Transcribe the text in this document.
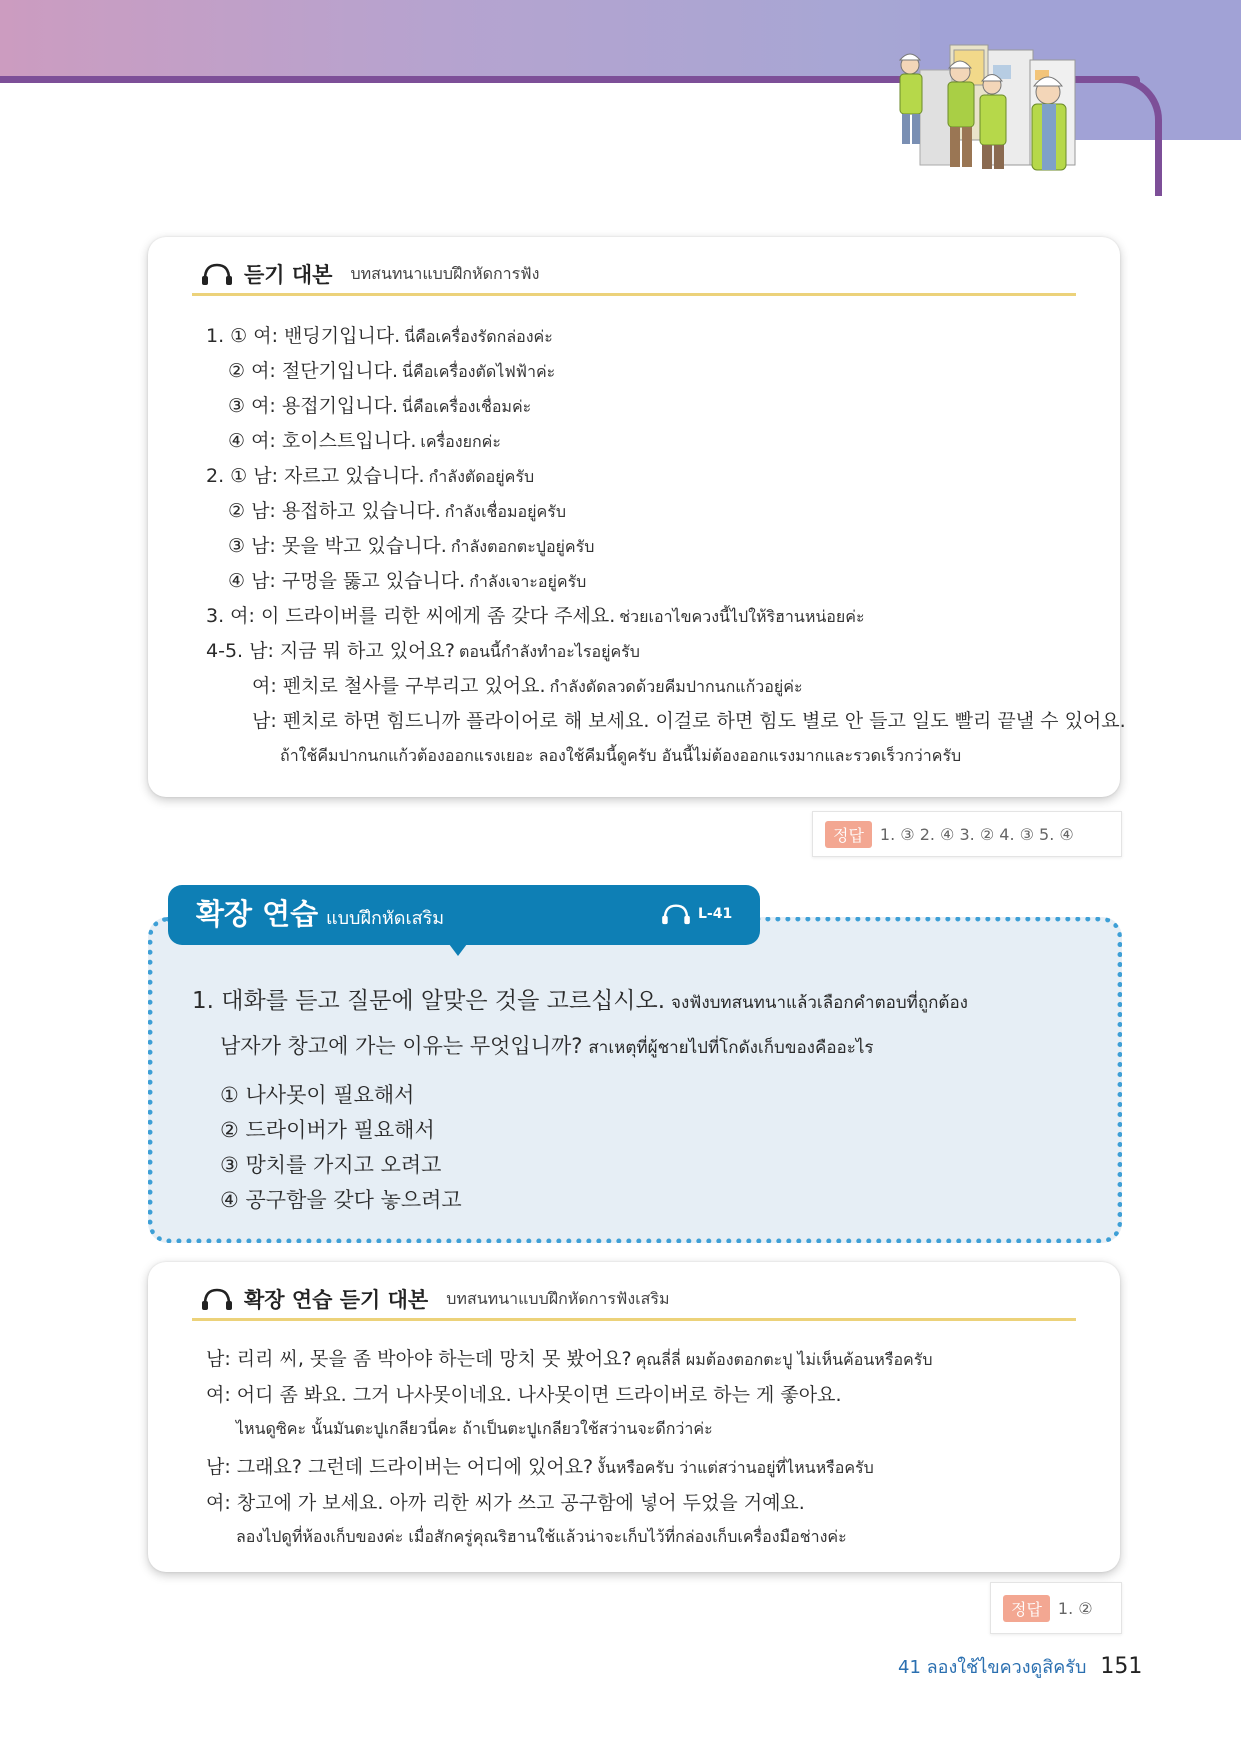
듣기 대본 บทสนทนาแบบฝึกหัดการฟัง
1. ① 여: 밴딩기입니다. นี่คือเครื่องรัดกล่องค่ะ
② 여: 절단기입니다. นี่คือเครื่องตัดไฟฟ้าค่ะ
③ 여: 용접기입니다. นี่คือเครื่องเชื่อมค่ะ
④ 여: 호이스트입니다. เครื่องยกค่ะ
2. ① 남: 자르고 있습니다. กำลังตัดอยู่ครับ
② 남: 용접하고 있습니다. กำลังเชื่อมอยู่ครับ
③ 남: 못을 박고 있습니다. กำลังตอกตะปูอยู่ครับ
④ 남: 구멍을 뚫고 있습니다. กำลังเจาะอยู่ครับ
3. 여: 이 드라이버를 리한 씨에게 좀 갖다 주세요. ช่วยเอาไขควงนี้ไปให้ริฮานหน่อยค่ะ
4-5. 남: 지금 뭐 하고 있어요? ตอนนี้กำลังทำอะไรอยู่ครับ
여: 펜치로 철사를 구부리고 있어요. กำลังดัดลวดด้วยคีมปากนกแก้วอยู่ค่ะ
남: 펜치로 하면 힘드니까 플라이어로 해 보세요. 이걸로 하면 힘도 별로 안 들고 일도 빨리 끝낼 수 있어요.
ถ้าใช้คีมปากนกแก้วต้องออกแรงเยอะ ลองใช้คีมนี้ดูครับ อันนี้ไม่ต้องออกแรงมากและรวดเร็วกว่าครับ
정답	1. ③ 2. ④ 3. ② 4. ③ 5. ④
확장 연습 แบบฝึกหัดเสริม	L-41
1. 대화를 듣고 질문에 알맞은 것을 고르십시오. จงฟังบทสนทนาแล้วเลือกคำตอบที่ถูกต้อง
남자가 창고에 가는 이유는 무엇입니까? สาเหตุที่ผู้ชายไปที่โกดังเก็บของคืออะไร
① 나사못이 필요해서
② 드라이버가 필요해서
③ 망치를 가지고 오려고
④ 공구함을 갖다 놓으려고
확장 연습 듣기 대본 บทสนทนาแบบฝึกหัดการฟังเสริม
남: 리리 씨, 못을 좀 박아야 하는데 망치 못 봤어요? คุณลี่ลี่ ผมต้องตอกตะปู ไม่เห็นค้อนหรือครับ
여: 어디 좀 봐요. 그거 나사못이네요. 나사못이면 드라이버로 하는 게 좋아요.
ไหนดูซิคะ นั้นมันตะปูเกลียวนี่คะ ถ้าเป็นตะปูเกลียวใช้สว่านจะดีกว่าค่ะ
남: 그래요? 그런데 드라이버는 어디에 있어요? งั้นหรือครับ ว่าแต่สว่านอยู่ที่ไหนหรือครับ
여: 창고에 가 보세요. 아까 리한 씨가 쓰고 공구함에 넣어 두었을 거예요.
ลองไปดูที่ห้องเก็บของค่ะ เมื่อสักครู่คุณริฮานใช้แล้วน่าจะเก็บไว้ที่กล่องเก็บเครื่องมือช่างค่ะ
정답	1. ②
41 ลองใช้ไขควงดูสิครับ 151
